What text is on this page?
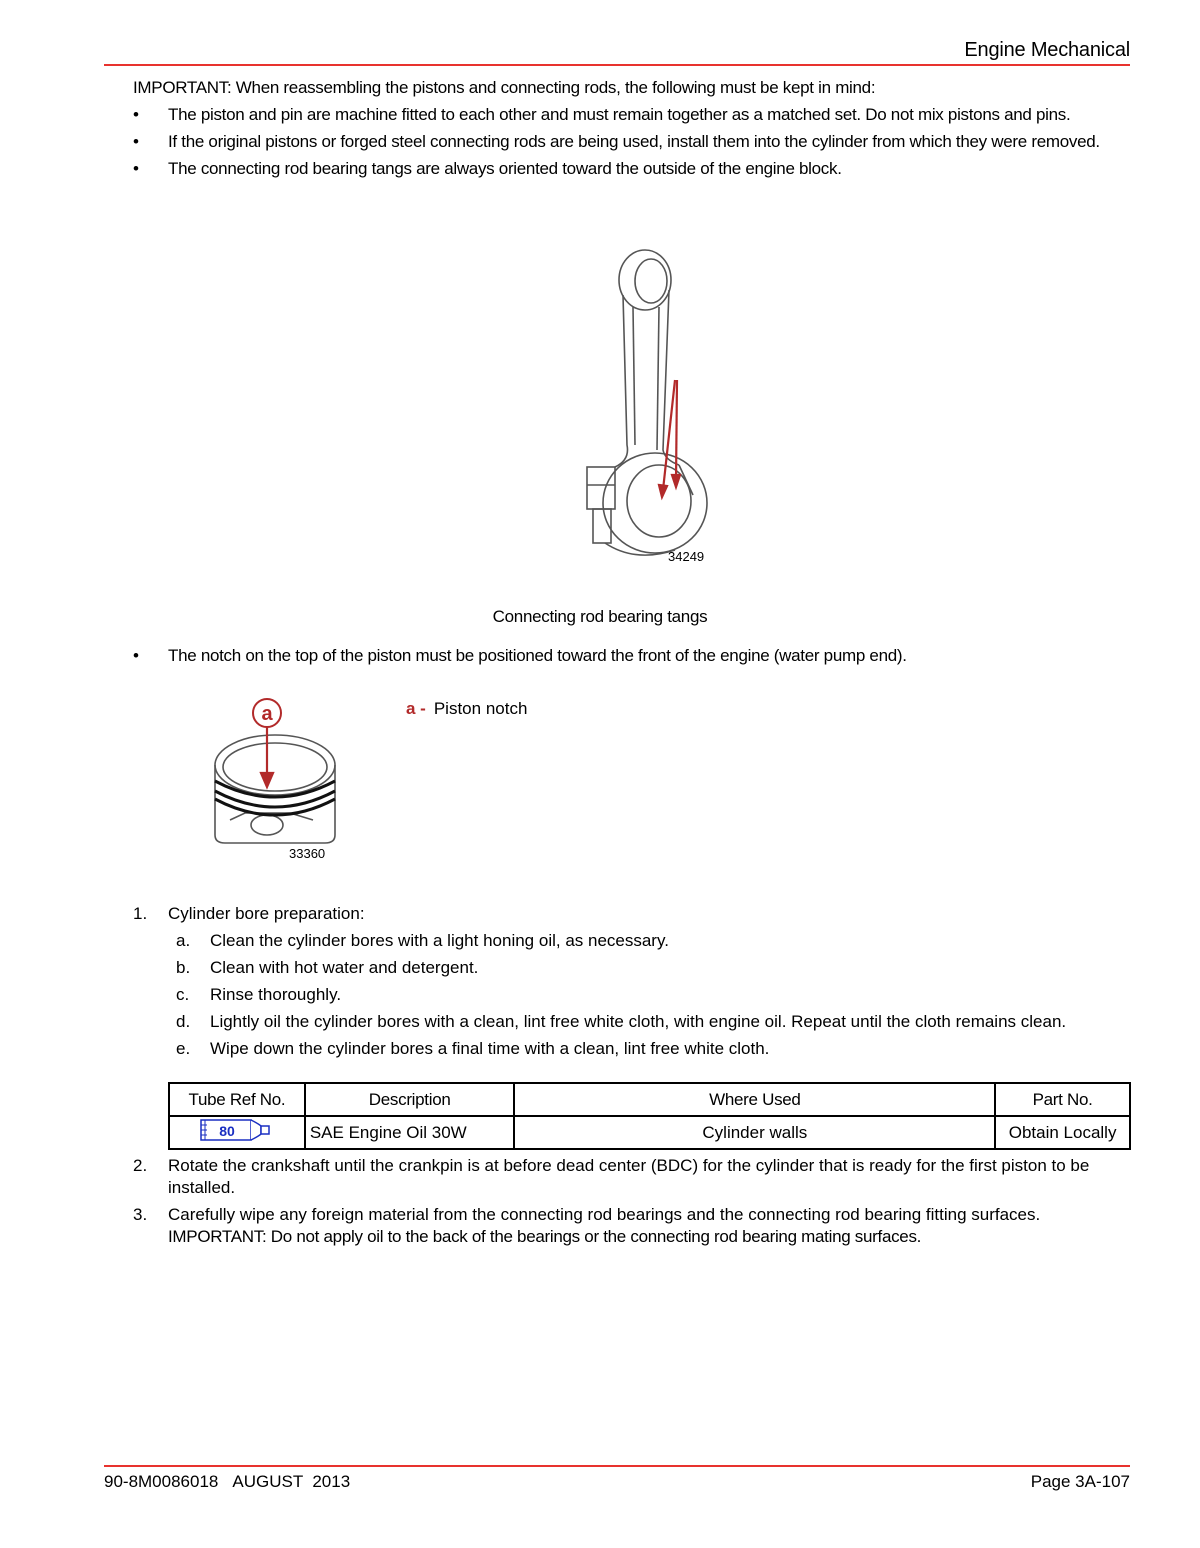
Engine Mechanical
IMPORTANT: When reassembling the pistons and connecting rods, the following must be kept in mind:
• The piston and pin are machine fitted to each other and must remain together as a matched set. Do not mix pistons and pins.
• If the original pistons or forged steel connecting rods are being used, install them into the cylinder from which they were removed.
• The connecting rod bearing tangs are always oriented toward the outside of the engine block.
34249
Connecting rod bearing tangs
• The notch on the top of the piston must be positioned toward the front of the engine (water pump end).
a
33360
a - Piston notch
1. Cylinder bore preparation:
a. Clean the cylinder bores with a light honing oil, as necessary.
b. Clean with hot water and detergent.
c. Rinse thoroughly.
d. Lightly oil the cylinder bores with a clean, lint free white cloth, with engine oil. Repeat until the cloth remains clean.
e. Wipe down the cylinder bores a final time with a clean, lint free white cloth.
Tube Ref No.	Description	Where Used	Part No.

80	SAE Engine Oil 30W	Cylinder walls	Obtain Locally
2. Rotate the crankshaft until the crankpin is at before dead center (BDC) for the cylinder that is ready for the first piston to be installed.
3. Carefully wipe any foreign material from the connecting rod bearings and the connecting rod bearing fitting surfaces.
IMPORTANT: Do not apply oil to the back of the bearings or the connecting rod bearing mating surfaces.
90-8M0086018 AUGUST  2013	Page 3A-107
